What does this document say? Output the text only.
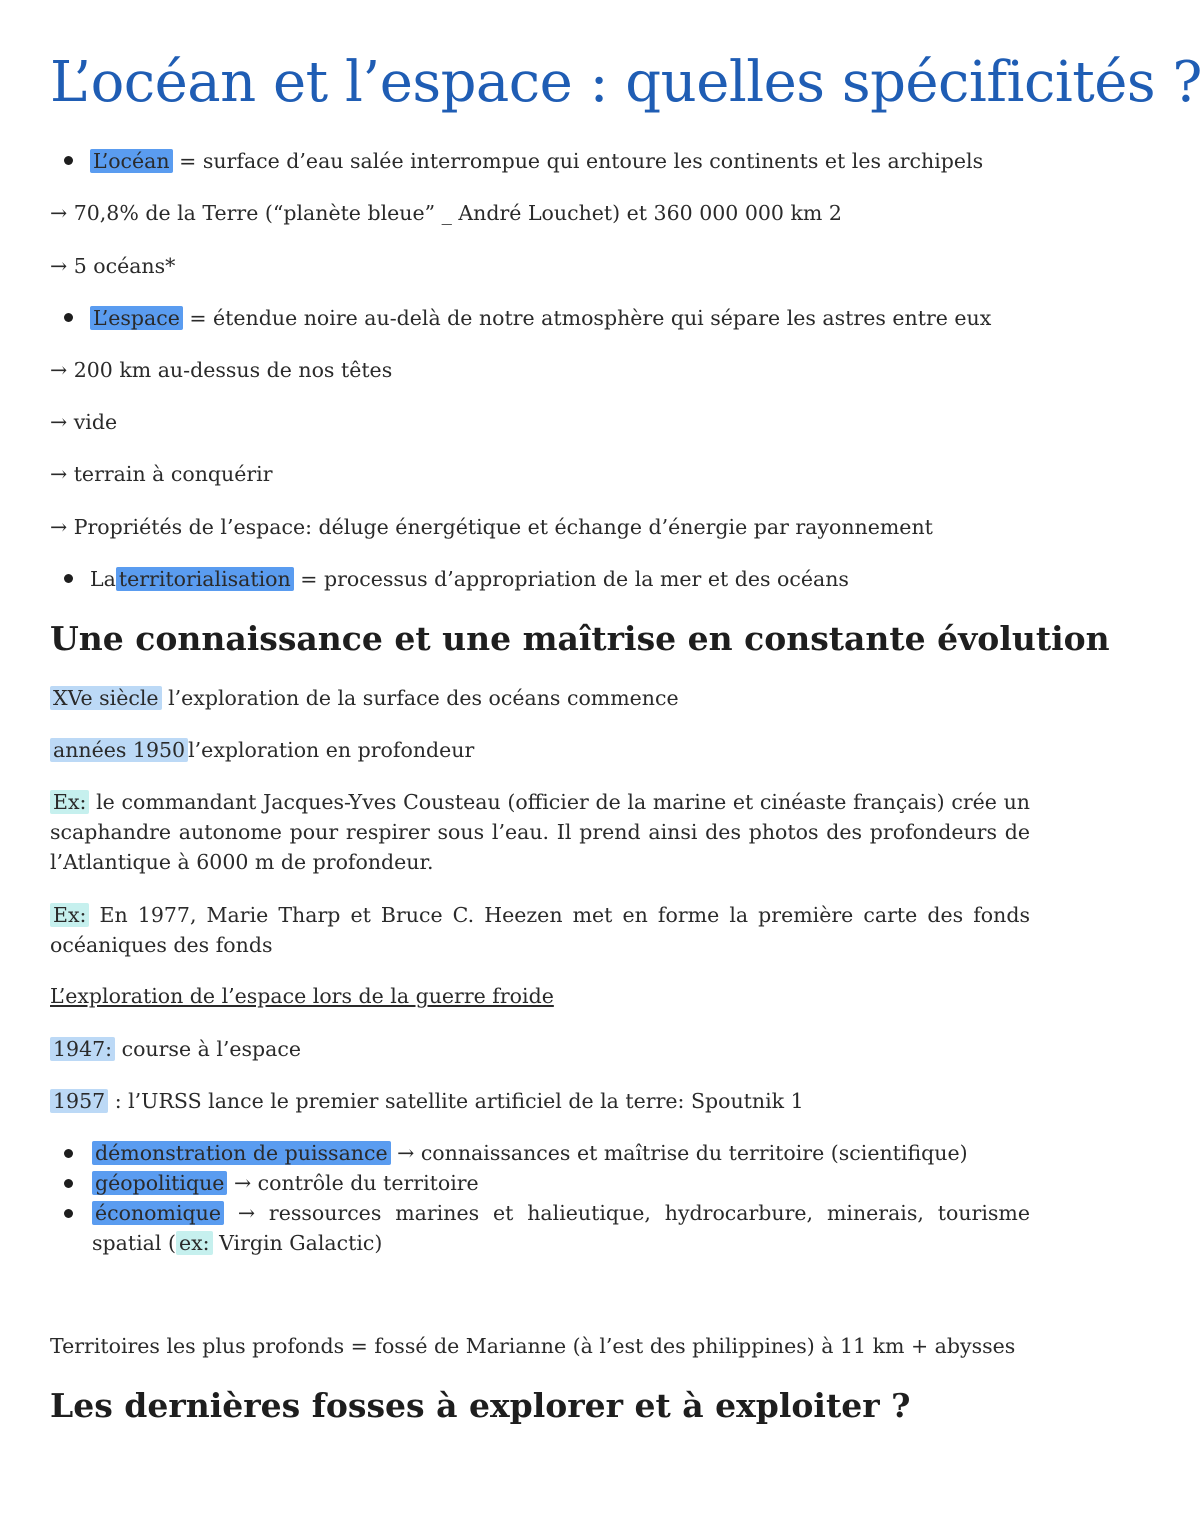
L’océan et l’espace : quelles spécificités ?
L’océan = surface d’eau salée interrompue qui entoure les continents et les archipels
→ 70,8% de la Terre (“planète bleue” _ André Louchet) et 360 000 000 km 2
→ 5 océans*
L’espace = étendue noire au-delà de notre atmosphère qui sépare les astres entre eux
→ 200 km au-dessus de nos têtes
→ vide
→ terrain à conquérir
→ Propriétés de l’espace: déluge énergétique et échange d’énergie par rayonnement
La territorialisation = processus d’appropriation de la mer et des océans
Une connaissance et une maîtrise en constante évolution
XVe siècle l’exploration de la surface des océans commence
années 1950 l’exploration en profondeur
Ex: le commandant Jacques-Yves Cousteau (officier de la marine et cinéaste français) crée un scaphandre autonome pour respirer sous l’eau. Il prend ainsi des photos des profondeurs de l’Atlantique à 6000 m de profondeur.
Ex: En 1977, Marie Tharp et Bruce C. Heezen met en forme la première carte des fonds océaniques des fonds
L’exploration de l’espace lors de la guerre froide
1947: course à l’espace
1957 : l’URSS lance le premier satellite artificiel de la terre: Spoutnik 1
démonstration de puissance → connaissances et maîtrise du territoire (scientifique)
géopolitique → contrôle du territoire
économique → ressources marines et halieutique, hydrocarbure, minerais, tourisme spatial ( ex: Virgin Galactic)
Territoires les plus profonds = fossé de Marianne (à l’est des philippines) à 11 km + abysses
Les dernières fosses à explorer et à exploiter ?
